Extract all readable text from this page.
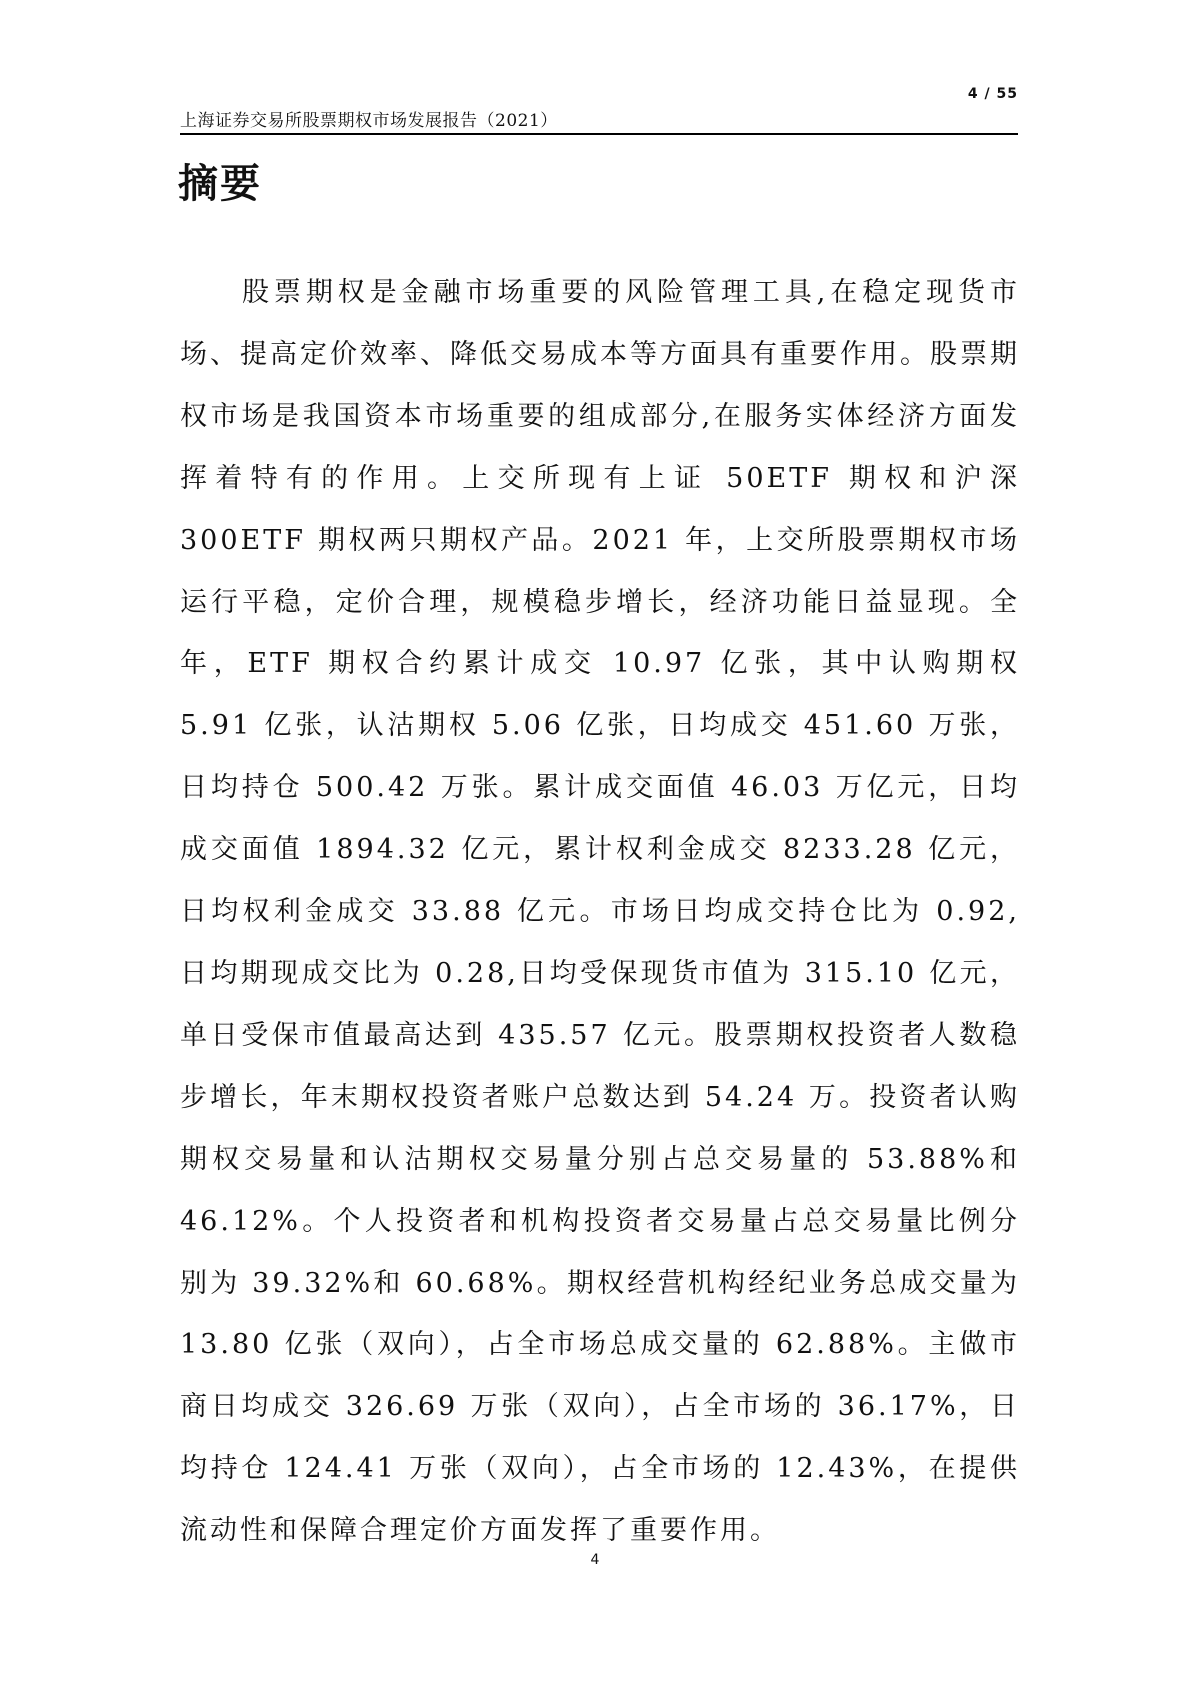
4 / 55
上海证券交易所股票期权市场发展报告（2021）
摘要

股票期权是金融市场重要的风险管理工具,在稳定现货市场、提高定价效率、降低交易成本等方面具有重要作用。股票期权市场是我国资本市场重要的组成部分,在服务实体经济方面发挥着特有的作用。上交所现有上证 50ETF 期权和沪深 300ETF 期权两只期权产品。2021 年，上交所股票期权市场运行平稳，定价合理，规模稳步增长，经济功能日益显现。全年，ETF 期权合约累计成交 10.97 亿张，其中认购期权 5.91 亿张，认沽期权 5.06 亿张，日均成交 451.60 万张，日均持仓 500.42 万张。累计成交面值 46.03 万亿元，日均成交面值 1894.32 亿元，累计权利金成交 8233.28 亿元，日均权利金成交 33.88 亿元。市场日均成交持仓比为 0.92,日均期现成交比为 0.28,日均受保现货市值为 315.10 亿元，单日受保市值最高达到 435.57 亿元。股票期权投资者人数稳步增长，年末期权投资者账户总数达到 54.24 万。投资者认购期权交易量和认沽期权交易量分别占总交易量的 53.88%和 46.12%。个人投资者和机构投资者交易量占总交易量比例分别为 39.32%和 60.68%。期权经营机构经纪业务总成交量为 13.80 亿张（双向），占全市场总成交量的 62.88%。主做市商日均成交 326.69 万张（双向），占全市场的 36.17%，日均持仓 124.41 万张（双向），占全市场的 12.43%，在提供流动性和保障合理定价方面发挥了重要作用。

4
